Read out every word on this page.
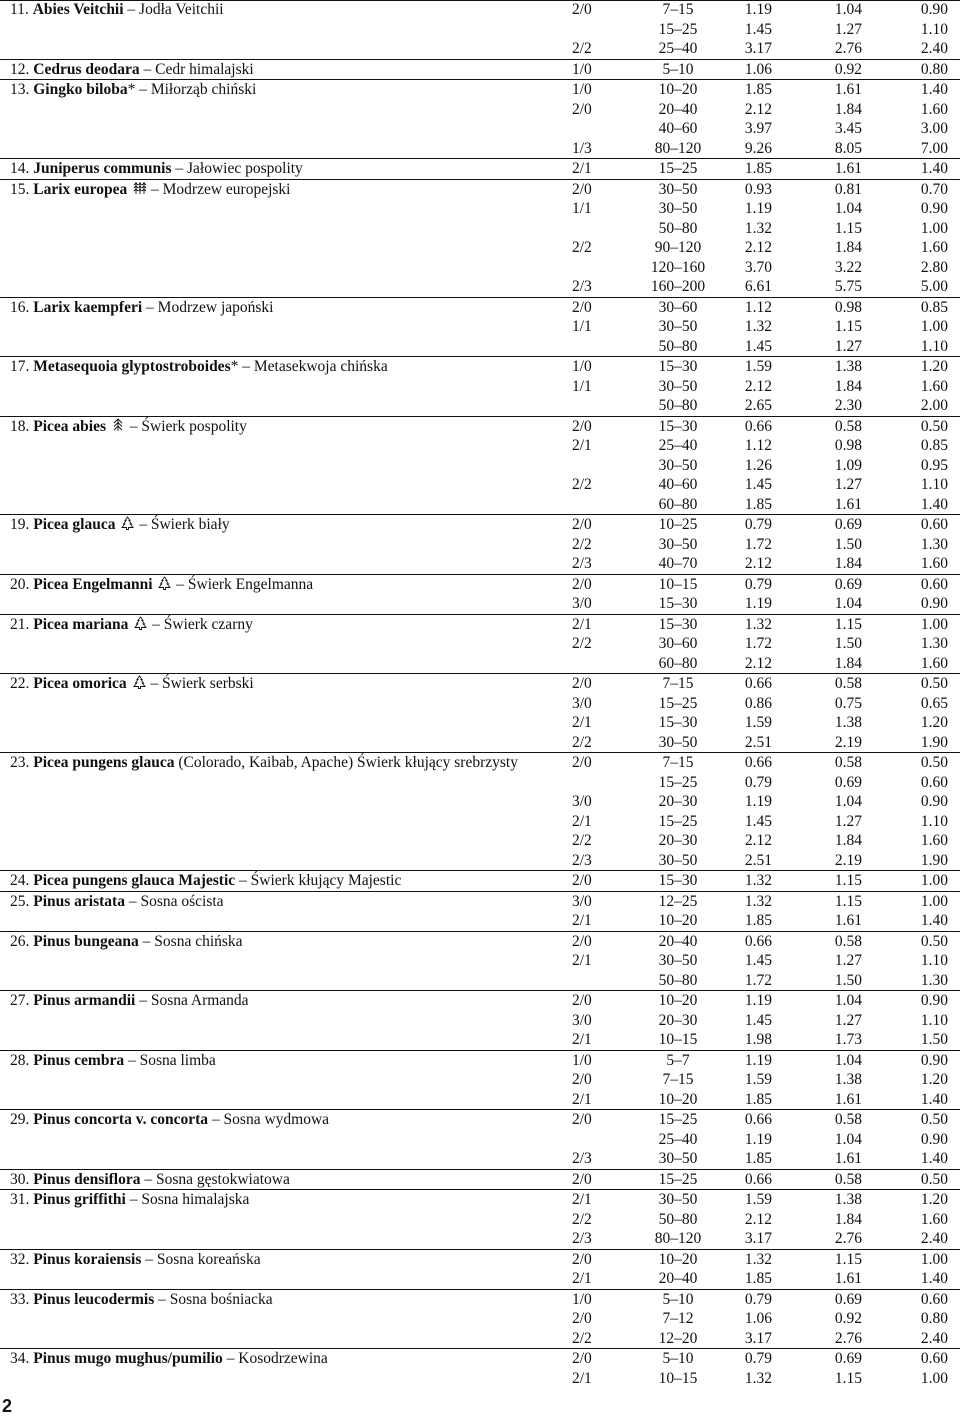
11. Abies Veitchii – Jodła Veitchii	2/0	7–15	1.19	1.04	0.90
15–25	1.45	1.27	1.10
2/2	25–40	3.17	2.76	2.40
12. Cedrus deodara – Cedr himalajski	1/0	5–10	1.06	0.92	0.80
13. Gingko biloba* – Miłorząb chiński	1/0	10–20	1.85	1.61	1.40
2/0	20–40	2.12	1.84	1.60
40–60	3.97	3.45	3.00
1/3	80–120	9.26	8.05	7.00
14. Juniperus communis – Jałowiec pospolity	2/1	15–25	1.85	1.61	1.40
15. Larix europea
– Modrzew europejski	2/0	30–50	0.93	0.81	0.70
1/1	30–50	1.19	1.04	0.90
50–80	1.32	1.15	1.00
2/2	90–120	2.12	1.84	1.60
120–160	3.70	3.22	2.80
2/3	160–200	6.61	5.75	5.00
16. Larix kaempferi – Modrzew japoński	2/0	30–60	1.12	0.98	0.85
1/1	30–50	1.32	1.15	1.00
50–80	1.45	1.27	1.10
17. Metasequoia glyptostroboides* – Metasekwoja chińska	1/0	15–30	1.59	1.38	1.20
1/1	30–50	2.12	1.84	1.60
50–80	2.65	2.30	2.00
18. Picea abies
– Świerk pospolity	2/0	15–30	0.66	0.58	0.50
2/1	25–40	1.12	0.98	0.85
30–50	1.26	1.09	0.95
2/2	40–60	1.45	1.27	1.10
60–80	1.85	1.61	1.40
19. Picea glauca
– Świerk biały	2/0	10–25	0.79	0.69	0.60
2/2	30–50	1.72	1.50	1.30
2/3	40–70	2.12	1.84	1.60
20. Picea Engelmanni
– Świerk Engelmanna	2/0	10–15	0.79	0.69	0.60
3/0	15–30	1.19	1.04	0.90
21. Picea mariana
– Świerk czarny	2/1	15–30	1.32	1.15	1.00
2/2	30–60	1.72	1.50	1.30
60–80	2.12	1.84	1.60
22. Picea omorica
– Świerk serbski	2/0	7–15	0.66	0.58	0.50
3/0	15–25	0.86	0.75	0.65
2/1	15–30	1.59	1.38	1.20
2/2	30–50	2.51	2.19	1.90
23. Picea pungens glauca (Colorado, Kaibab, Apache) Świerk kłujący srebrzysty	2/0	7–15	0.66	0.58	0.50
15–25	0.79	0.69	0.60
3/0	20–30	1.19	1.04	0.90
2/1	15–25	1.45	1.27	1.10
2/2	20–30	2.12	1.84	1.60
2/3	30–50	2.51	2.19	1.90
24. Picea pungens glauca Majestic – Świerk kłujący Majestic	2/0	15–30	1.32	1.15	1.00
25. Pinus aristata – Sosna oścista	3/0	12–25	1.32	1.15	1.00
2/1	10–20	1.85	1.61	1.40
26. Pinus bungeana – Sosna chińska	2/0	20–40	0.66	0.58	0.50
2/1	30–50	1.45	1.27	1.10
50–80	1.72	1.50	1.30
27. Pinus armandii – Sosna Armanda	2/0	10–20	1.19	1.04	0.90
3/0	20–30	1.45	1.27	1.10
2/1	10–15	1.98	1.73	1.50
28. Pinus cembra – Sosna limba	1/0	5–7	1.19	1.04	0.90
2/0	7–15	1.59	1.38	1.20
2/1	10–20	1.85	1.61	1.40
29. Pinus concorta v. concorta – Sosna wydmowa	2/0	15–25	0.66	0.58	0.50
25–40	1.19	1.04	0.90
2/3	30–50	1.85	1.61	1.40
30. Pinus densiflora – Sosna gęstokwiatowa	2/0	15–25	0.66	0.58	0.50
31. Pinus griffithi – Sosna himalajska	2/1	30–50	1.59	1.38	1.20
2/2	50–80	2.12	1.84	1.60
2/3	80–120	3.17	2.76	2.40
32. Pinus koraiensis – Sosna koreańska	2/0	10–20	1.32	1.15	1.00
2/1	20–40	1.85	1.61	1.40
33. Pinus leucodermis – Sosna bośniacka	1/0	5–10	0.79	0.69	0.60
2/0	7–12	1.06	0.92	0.80
2/2	12–20	3.17	2.76	2.40
34. Pinus mugo mughus/pumilio – Kosodrzewina	2/0	5–10	0.79	0.69	0.60
2/1	10–15	1.32	1.15	1.00
2
